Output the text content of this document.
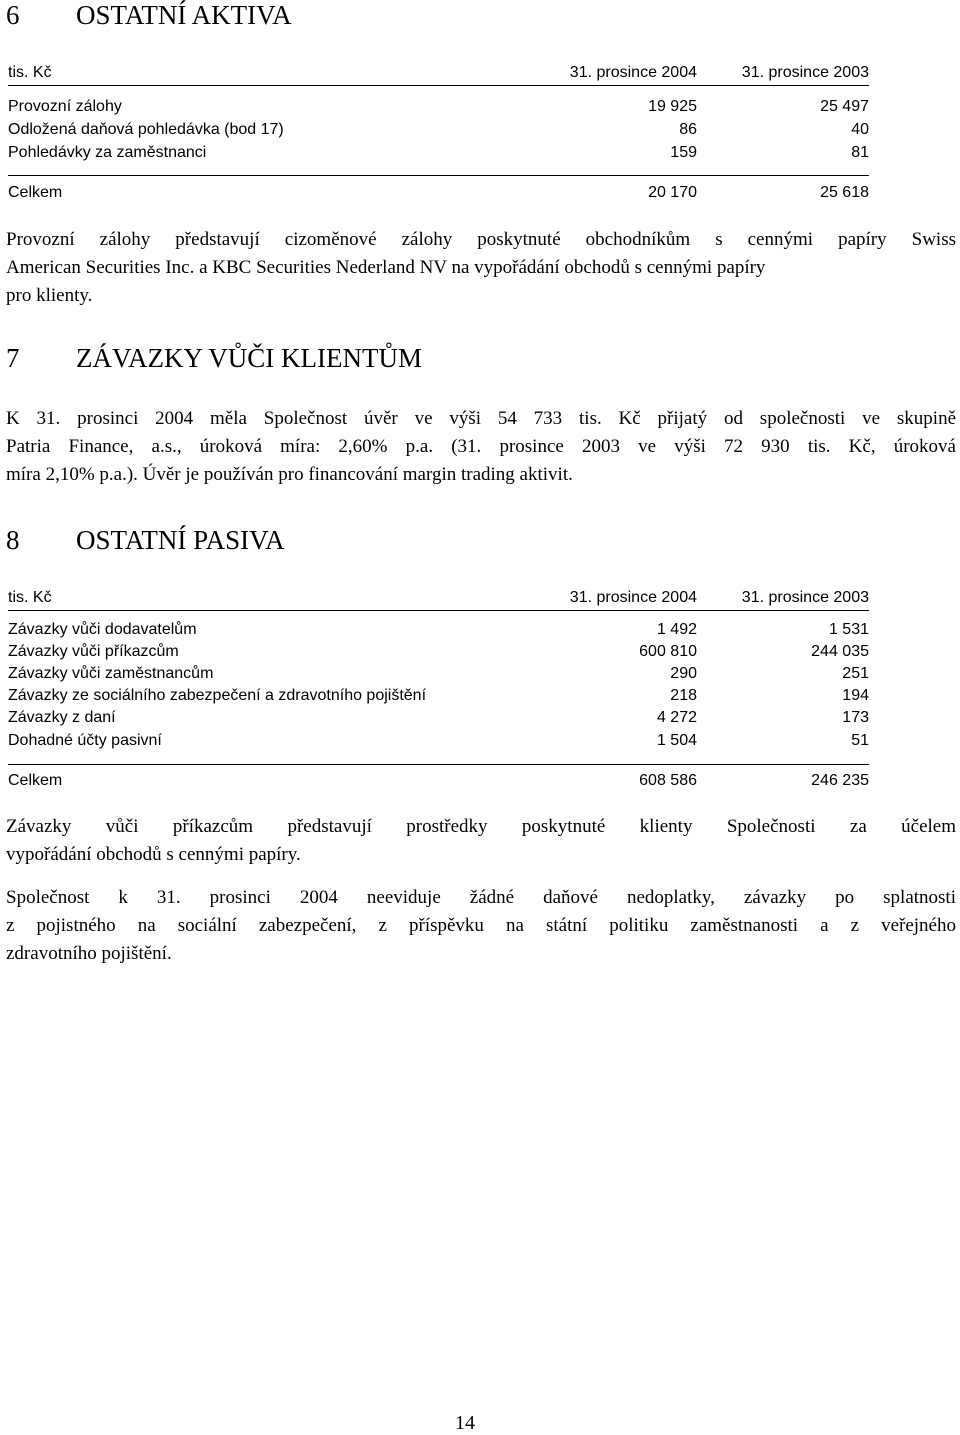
6 OSTATNÍ AKTIVA
tis. Kč	31. prosince 2004	31. prosince 2003
Provozní zálohy	19 925	25 497
Odložená daňová pohledávka (bod 17)	86	40
Pohledávky za zaměstnanci	159	81
Celkem	20 170	25 618
Provozní zálohy představují cizoměnové zálohy poskytnuté obchodníkům s cennými papíry Swiss
American Securities Inc. a KBC Securities Nederland NV na vypořádání obchodů s cennými papíry
pro klienty.
7 ZÁVAZKY VŮČI KLIENTŮM
K 31. prosinci 2004 měla Společnost úvěr ve výši 54 733 tis. Kč přijatý od společnosti ve skupině
Patria Finance, a.s., úroková míra: 2,60% p.a. (31. prosince 2003 ve výši 72 930 tis. Kč, úroková
míra 2,10% p.a.). Úvěr je používán pro financování margin trading aktivit.
8 OSTATNÍ PASIVA
tis. Kč	31. prosince 2004	31. prosince 2003
Závazky vůči dodavatelům	1 492	1 531
Závazky vůči příkazcům	600 810	244 035
Závazky vůči zaměstnancům	290	251
Závazky ze sociálního zabezpečení a zdravotního pojištění	218	194
Závazky z daní	4 272	173
Dohadné účty pasivní	1 504	51
Celkem	608 586	246 235
Závazky vůči příkazcům představují prostředky poskytnuté klienty Společnosti za účelem
vypořádání obchodů s cennými papíry.
Společnost k 31. prosinci 2004 neeviduje žádné daňové nedoplatky, závazky po splatnosti
z pojistného na sociální zabezpečení, z příspěvku na státní politiku zaměstnanosti a z veřejného
zdravotního pojištění.
14
